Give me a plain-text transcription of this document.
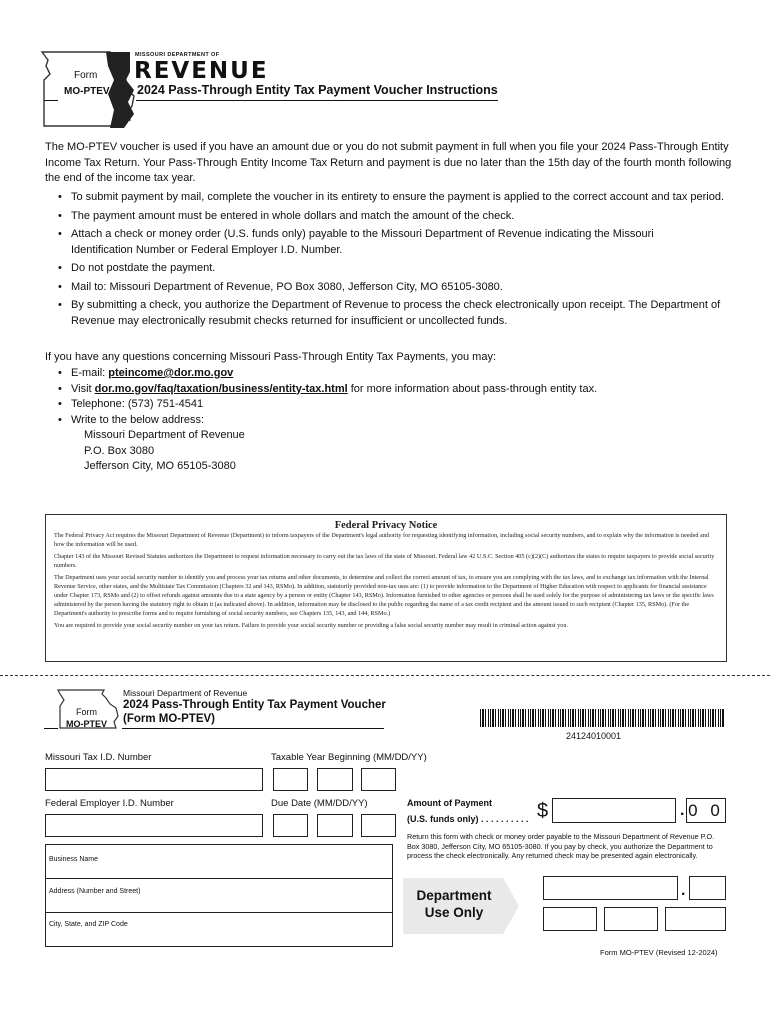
Form
MO-PTEV
MISSOURI DEPARTMENT OF
REVENUE
2024 Pass-Through Entity Tax Payment Voucher Instructions
The MO-PTEV voucher is used if you have an amount due or you do not submit payment in full when you file your 2024 Pass-Through Entity Income Tax Return. Your Pass-Through Entity Income Tax Return and payment is due no later than the 15th day of the fourth month following the end of the income tax year.
• To submit payment by mail, complete the voucher in its entirety to ensure the payment is applied to the correct account and tax period.
• The payment amount must be entered in whole dollars and match the amount of the check.
• Attach a check or money order (U.S. funds only) payable to the Missouri Department of Revenue indicating the Missouri Identification Number or Federal Employer I.D. Number.
• Do not postdate the payment.
• Mail to: Missouri Department of Revenue, PO Box 3080, Jefferson City, MO 65105-3080.
• By submitting a check, you authorize the Department of Revenue to process the check electronically upon receipt. The Department of Revenue may electronically resubmit checks returned for insufficient or uncollected funds.
If you have any questions concerning Missouri Pass-Through Entity Tax Payments, you may:
• E-mail: pteincome@dor.mo.gov
• Visit dor.mo.gov/faq/taxation/business/entity-tax.html for more information about pass-through entity tax.
• Telephone: (573) 751-4541
• Write to the below address:
Missouri Department of Revenue
P.O. Box 3080
Jefferson City, MO 65105-3080
Federal Privacy Notice

The Federal Privacy Act requires the Missouri Department of Revenue (Department) to inform taxpayers of the Department's legal authority for requesting identifying information, including social security numbers, and to explain why the information is needed and how the information will be used.

Chapter 143 of the Missouri Revised Statutes authorizes the Department to request information necessary to carry out the tax laws of the state of Missouri. Federal law 42 U.S.C. Section 405 (c)(2)(C) authorizes the states to require taxpayers to provide social security numbers.

The Department uses your social security number to identify you and process your tax returns and other documents, to determine and collect the correct amount of tax, to ensure you are complying with the tax laws, and to exchange tax information with the Internal Revenue Service, other states, and the Multistate Tax Commission (Chapters 32 and 143, RSMo). In addition, statutorily provided non-tax uses are: (1) to provide information to the Department of Higher Education with respect to applicants for financial assistance under Chapter 173, RSMo and (2) to offset refunds against amounts due to a state agency by a person or entity (Chapter 143, RSMo). Information furnished to other agencies or persons shall be used solely for the purpose of administering tax laws or the specific laws administered by the person having the statutory right to obtain it (as indicated above). In addition, information may be disclosed to the public regarding the name of a tax credit recipient and the amount issued to such recipient (Chapter 135, RSMo). (For the Department's authority to prescribe forms and to require furnishing of social security numbers, see Chapters 135, 143, and 144, RSMo.)

You are required to provide your social security number on your tax return. Failure to provide your social security number or providing a false social security number may result in criminal action against you.

Form
MO-PTEV
Missouri Department of Revenue
2024 Pass-Through Entity Tax Payment Voucher
(Form MO-PTEV)
24124010001
Missouri Tax I.D. Number	Taxable Year Beginning (MM/DD/YY)
Federal Employer I.D. Number	Due Date (MM/DD/YY)	Amount of Payment
(U.S. funds only) . . . . . . . . . . $	. 0 0
Return this form with check or money order payable to the Missouri Department of Revenue P.O. Box 3080, Jefferson City, MO 65105-3080. If you pay by check, you authorize the Department to process the check electronically. Any returned check may be presented again electronically.
Business Name
Address (Number and Street)
City, State, and ZIP Code
Department
Use Only
.
Form MO-PTEV (Revised 12-2024)
